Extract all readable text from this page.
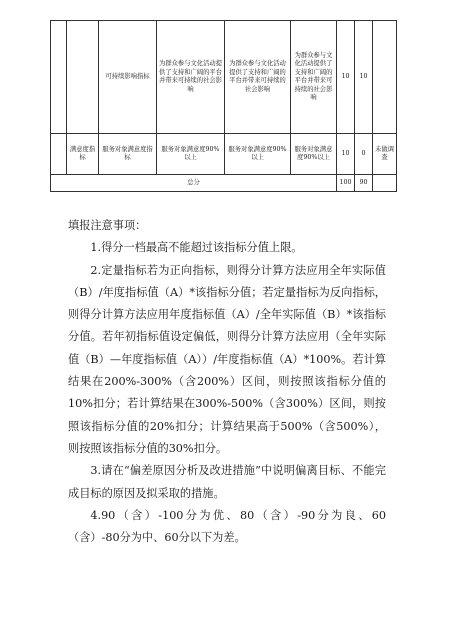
		可持续影响指标	为群众参与文化活动提供了支持和广阔的平台并带来可持续的社会影响	为群众参与文化活动提供了支持和广阔的平台并带来可持续的社会影响	为群众参与文化活动提供了支持和广阔的平台并带来可持续的社会影响	10	10	
	满意度指标	服务对象满意度指标	服务对象满意度90%以上	服务对象满意度90%以上	服务对象满意度90%以上	10	0	未做调查
总分						100	90	

填报注意事项：

1.得分一档最高不能超过该指标分值上限。

2.定量指标若为正向指标，则得分计算方法应用全年实际值（B）/年度指标值（A）*该指标分值；若定量指标为反向指标，则得分计算方法应用年度指标值（A）/全年实际值（B）*该指标分值。若年初指标值设定偏低，则得分计算方法应用（全年实际值（B）—年度指标值（A））/年度指标值（A）*100%。若计算结果在200%-300%（含200%）区间，则按照该指标分值的10%扣分；若计算结果在300%-500%（含300%）区间，则按照该指标分值的20%扣分；计算结果高于500%（含500%），则按照该指标分值的30%扣分。

3.请在“偏差原因分析及改进措施”中说明偏离目标、不能完成目标的原因及拟采取的措施。

4.90（含）-100分为优、80（含）-90分为良、60（含）-80分为中、60分以下为差。
